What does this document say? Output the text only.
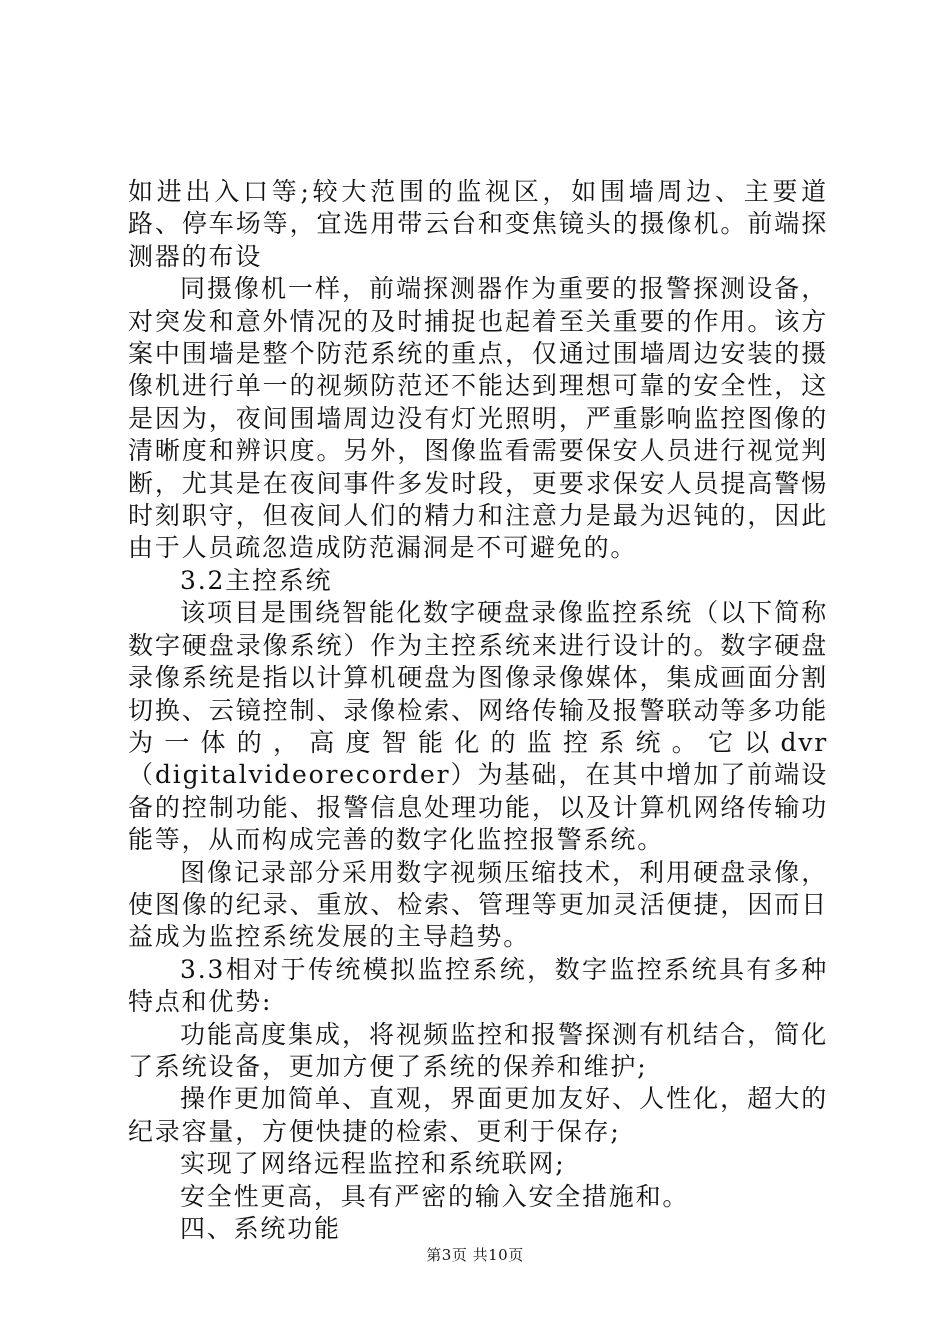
如进出入口等;较大范围的监视区，如围墙周边、主要道路、停车场等，宜选用带云台和变焦镜头的摄像机。前端探测器的布设

同摄像机一样，前端探测器作为重要的报警探测设备，对突发和意外情况的及时捕捉也起着至关重要的作用。该方案中围墙是整个防范系统的重点，仅通过围墙周边安装的摄像机进行单一的视频防范还不能达到理想可靠的安全性，这是因为，夜间围墙周边没有灯光照明，严重影响监控图像的清晰度和辨识度。另外，图像监看需要保安人员进行视觉判断，尤其是在夜间事件多发时段，更要求保安人员提高警惕时刻职守，但夜间人们的精力和注意力是最为迟钝的，因此由于人员疏忽造成防范漏洞是不可避免的。

3.2主控系统

该项目是围绕智能化数字硬盘录像监控系统（以下简称数字硬盘录像系统）作为主控系统来进行设计的。数字硬盘录像系统是指以计算机硬盘为图像录像媒体，集成画面分割切换、云镜控制、录像检索、网络传输及报警联动等多功能为一体的，高度智能化的监控系统。它以dvr（digitalvideorecorder）为基础，在其中增加了前端设备的控制功能、报警信息处理功能，以及计算机网络传输功能等，从而构成完善的数字化监控报警系统。

图像记录部分采用数字视频压缩技术，利用硬盘录像，使图像的纪录、重放、检索、管理等更加灵活便捷，因而日益成为监控系统发展的主导趋势。

3.3相对于传统模拟监控系统，数字监控系统具有多种特点和优势:

功能高度集成，将视频监控和报警探测有机结合，简化了系统设备，更加方便了系统的保养和维护;

操作更加简单、直观，界面更加友好、人性化，超大的纪录容量，方便快捷的检索、更利于保存;

实现了网络远程监控和系统联网;

安全性更高，具有严密的输入安全措施和。

四、系统功能

第3页 共10页
